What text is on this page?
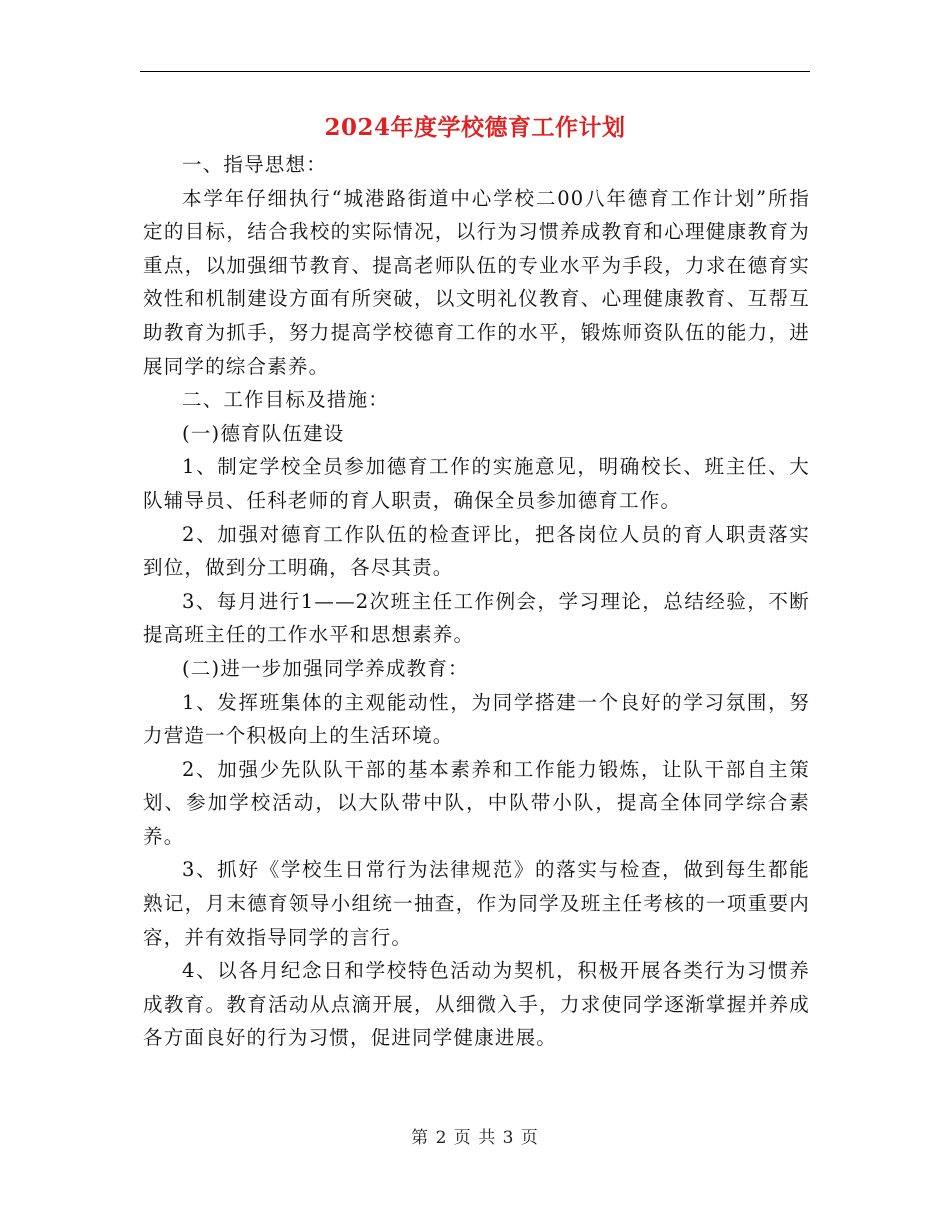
2024年度学校德育工作计划

一、指导思想：

本学年仔细执行“城港路街道中心学校二00八年德育工作计划”所指定的目标，结合我校的实际情况，以行为习惯养成教育和心理健康教育为重点，以加强细节教育、提高老师队伍的专业水平为手段，力求在德育实效性和机制建设方面有所突破，以文明礼仪教育、心理健康教育、互帮互助教育为抓手，努力提高学校德育工作的水平，锻炼师资队伍的能力，进展同学的综合素养。

二、工作目标及措施：

(一)德育队伍建设

1、制定学校全员参加德育工作的实施意见，明确校长、班主任、大队辅导员、任科老师的育人职责，确保全员参加德育工作。

2、加强对德育工作队伍的检查评比，把各岗位人员的育人职责落实到位，做到分工明确，各尽其责。

3、每月进行1——2次班主任工作例会，学习理论，总结经验，不断提高班主任的工作水平和思想素养。

(二)进一步加强同学养成教育：

1、发挥班集体的主观能动性，为同学搭建一个良好的学习氛围，努力营造一个积极向上的生活环境。

2、加强少先队队干部的基本素养和工作能力锻炼，让队干部自主策划、参加学校活动，以大队带中队，中队带小队，提高全体同学综合素养。

3、抓好《学校生日常行为法律规范》的落实与检查，做到每生都能熟记，月末德育领导小组统一抽查，作为同学及班主任考核的一项重要内容，并有效指导同学的言行。

4、以各月纪念日和学校特色活动为契机，积极开展各类行为习惯养成教育。教育活动从点滴开展，从细微入手，力求使同学逐渐掌握并养成各方面良好的行为习惯，促进同学健康进展。

第 2 页 共 3 页
